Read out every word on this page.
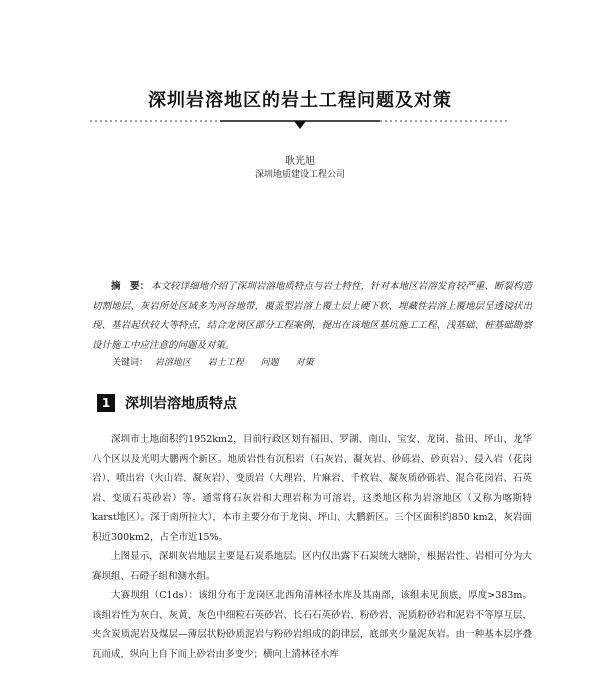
深圳岩溶地区的岩土工程问题及对策
耿光旭
深圳地质建设工程公司

摘　要： 本文较详细地介绍了深圳岩溶地质特点与岩土特性，针对本地区岩溶发育较严重、断裂构造切割地层、灰岩所处区域多为河谷地带，覆盖型岩溶上覆土层上硬下软、埋藏性岩溶上覆地层呈透镜状出现、基岩起伏较大等特点，结合龙岗区部分工程案例，提出在该地区基坑施工工程、浅基础、桩基础勘察设计施工中应注意的问题及对策。

关键词： 岩溶地区 岩土工程 问题 对策
1	深圳岩溶地质特点

深圳市土地面积约1952km2，目前行政区划有福田、罗湖、南山、宝安、龙岗、盐田、坪山、龙华八个区以及光明大鹏两个新区。地质岩性有沉积岩（石灰岩、凝灰岩、砂砾岩、砂页岩）、侵入岩（花岗岩）、喷出岩（火山岩、凝灰岩）、变质岩（大理岩、片麻岩、千枚岩、凝灰质砂砾岩、混合花岗岩、石英岩、变质石英砂岩）等。通常将石灰岩和大理岩称为可溶岩，这类地区称为岩溶地区（又称为喀斯特karst地区）。深于南所拉大），本市主要分布于龙岗、坪山、大鹏新区。三个区面积约850 km2，灰岩面积近300km2，占全市近15%。

上图显示，深圳灰岩地层主要是石炭系地层。区内仅出露下石炭统大塘阶，根据岩性、岩相可分为大赛坝组、石磴子组和测水组。

大赛坝组（C1ds）：该组分布于龙岗区北西角清林径水库及其南部，该组未见顶底，厚度>383m。该组岩性为灰白、灰黄、灰色中细粒石英砂岩、长石石英砂岩、粉砂岩、泥质粉砂岩和泥岩不等厚互层，夹含炭质泥岩及煤层—薄层状粉砂质泥岩与粉砂岩组成的韵律层，底部夹少量泥灰岩。由一种基本层序叠瓦而成，纵向上自下而上砂岩由多变少；横向上清林径水库
